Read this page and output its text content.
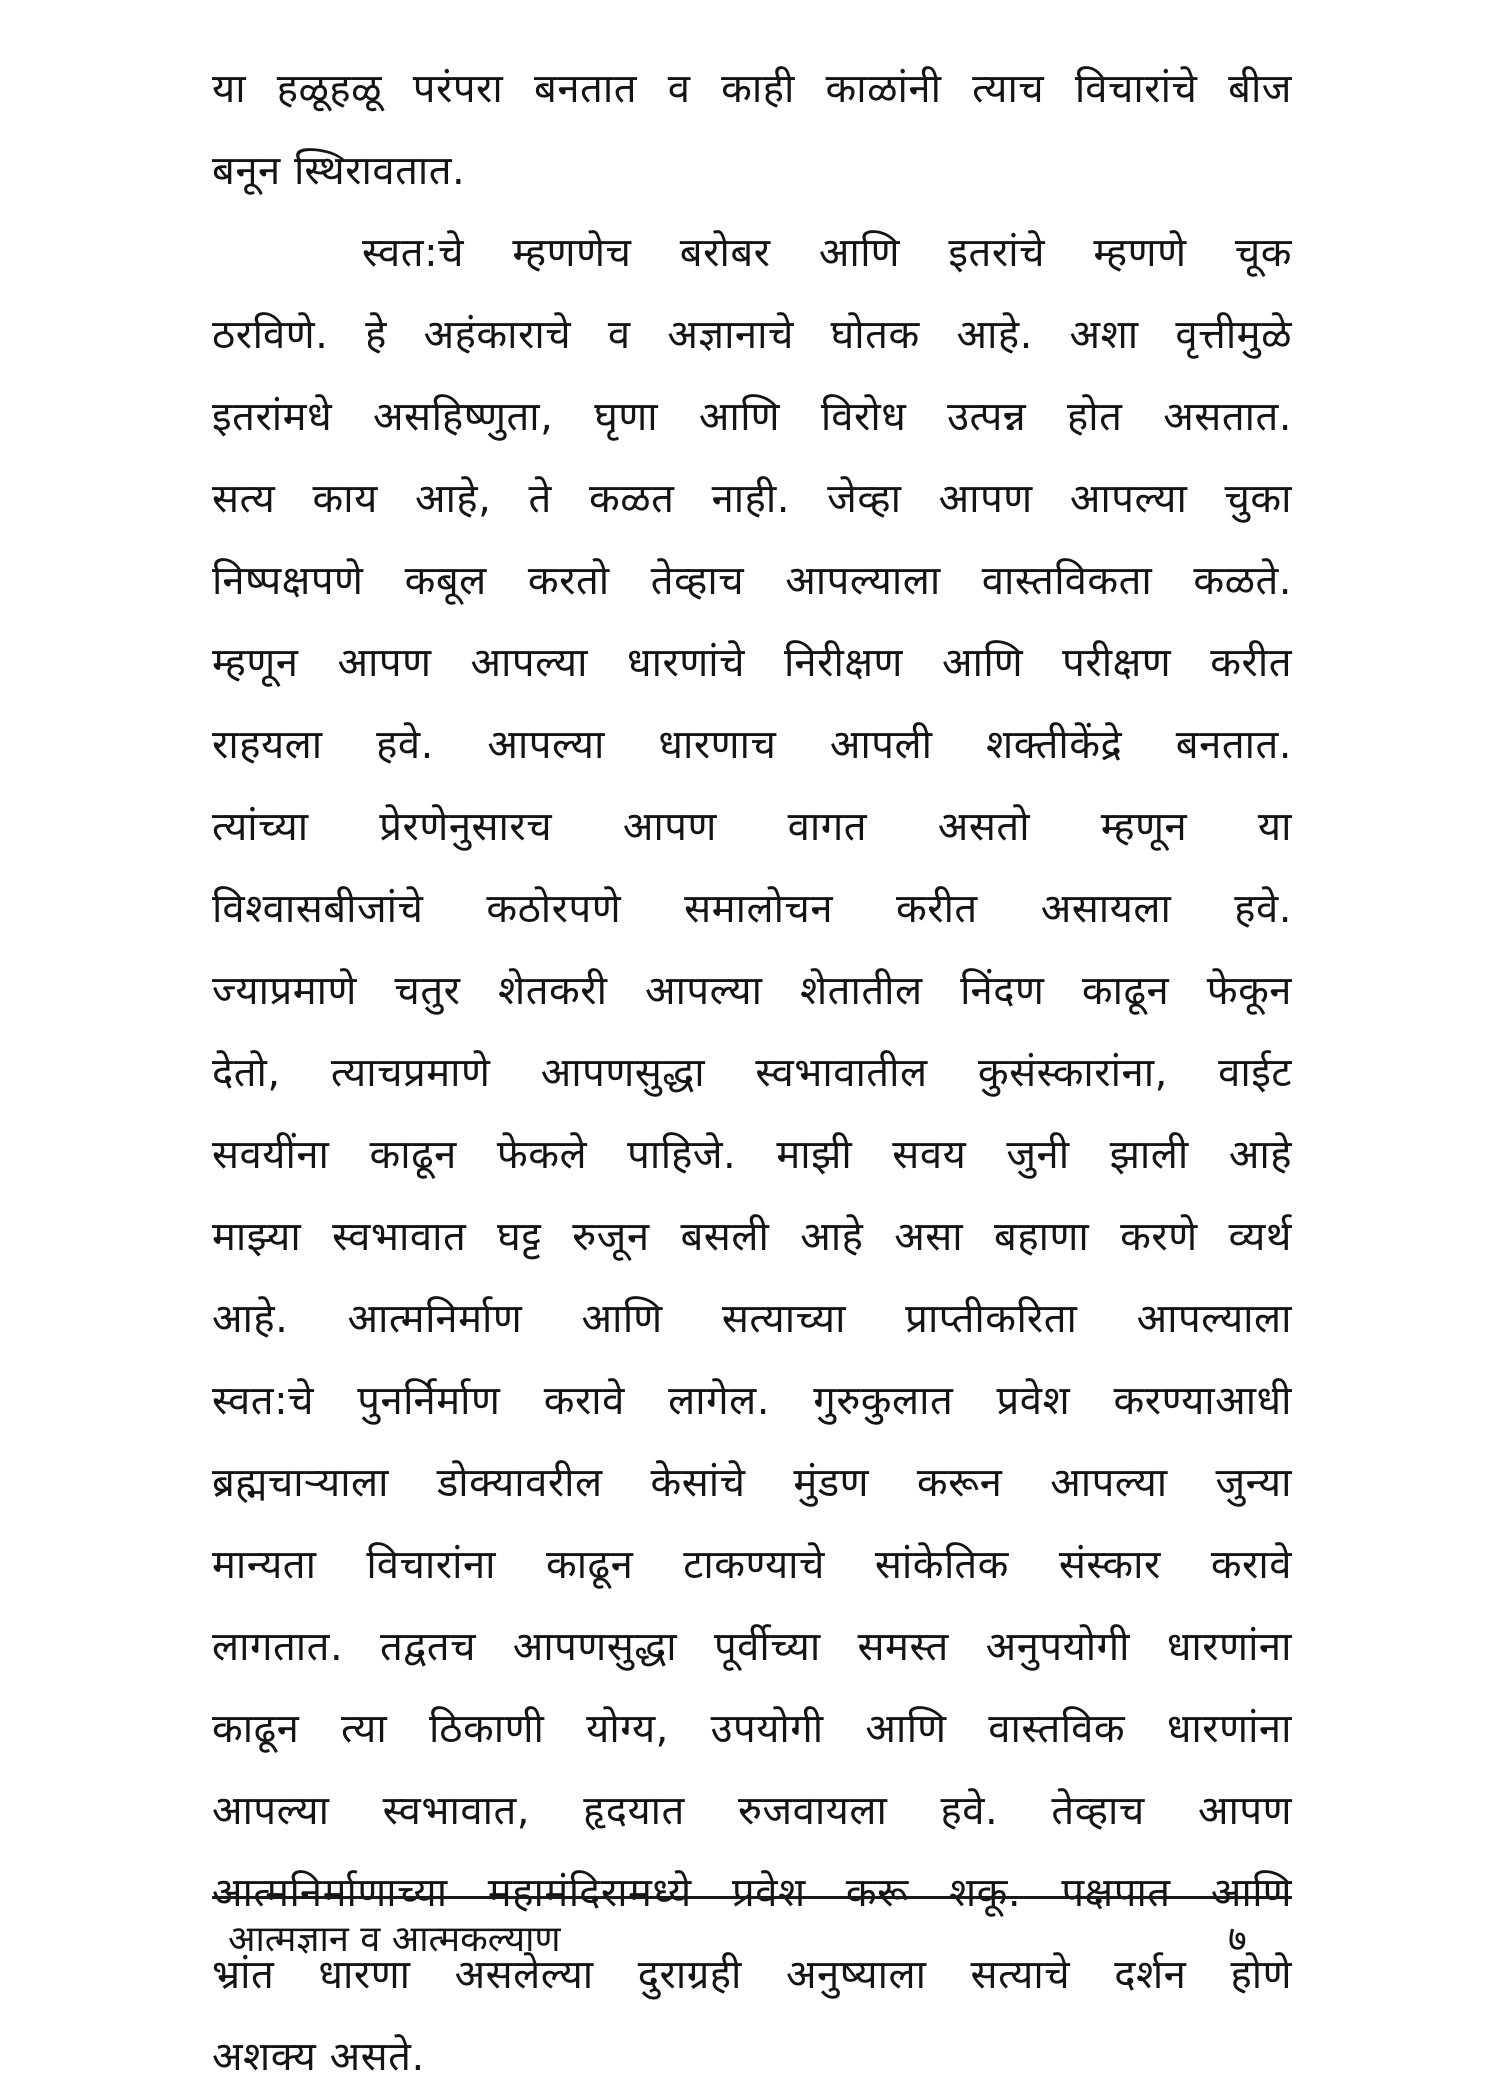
या हळूहळू परंपरा बनतात व काही काळांनी त्याच विचारांचे बीज
बनून स्थिरावतात.
स्वत:चे म्हणणेच बरोबर आणि इतरांचे म्हणणे चूक
ठरविणे. हे अहंकाराचे व अज्ञानाचे घोतक आहे. अशा वृत्तीमुळे
इतरांमधे असहिष्णुता, घृणा आणि विरोध उत्पन्न होत असतात.
सत्य काय आहे, ते कळत नाही. जेव्हा आपण आपल्या चुका
निष्पक्षपणे कबूल करतो तेव्हाच आपल्याला वास्तविकता कळते.
म्हणून आपण आपल्या धारणांचे निरीक्षण आणि परीक्षण करीत
राहयला हवे. आपल्या धारणाच आपली शक्तीकेंद्रे बनतात.
त्यांच्या प्रेरणेनुसारच आपण वागत असतो म्हणून या
विश्वासबीजांचे कठोरपणे समालोचन करीत असायला हवे.
ज्याप्रमाणे चतुर शेतकरी आपल्या शेतातील निंदण काढून फेकून
देतो, त्याचप्रमाणे आपणसुद्धा स्वभावातील कुसंस्कारांना, वाईट
सवयींना काढून फेकले पाहिजे. माझी सवय जुनी झाली आहे
माझ्या स्वभावात घट्ट रुजून बसली आहे असा बहाणा करणे व्यर्थ
आहे. आत्मनिर्माण आणि सत्याच्या प्राप्तीकरिता आपल्याला
स्वत:चे पुनर्निर्माण करावे लागेल. गुरुकुलात प्रवेश करण्याआधी
ब्रह्मचाऱ्याला डोक्यावरील केसांचे मुंडण करून आपल्या जुन्या
मान्यता विचारांना काढून टाकण्याचे सांकेतिक संस्कार करावे
लागतात. तद्वतच आपणसुद्धा पूर्वीच्या समस्त अनुपयोगी धारणांना
काढून त्या ठिकाणी योग्य, उपयोगी आणि वास्तविक धारणांना
आपल्या स्वभावात, हृदयात रुजवायला हवे. तेव्हाच आपण
आत्मनिर्माणाच्या महामंदिरामध्ये प्रवेश करू शकू. पक्षपात आणि
भ्रांत धारणा असलेल्या दुराग्रही अनुष्याला सत्याचे दर्शन होणे
अशक्य असते.
आत्मज्ञान व आत्मकल्याण	७
